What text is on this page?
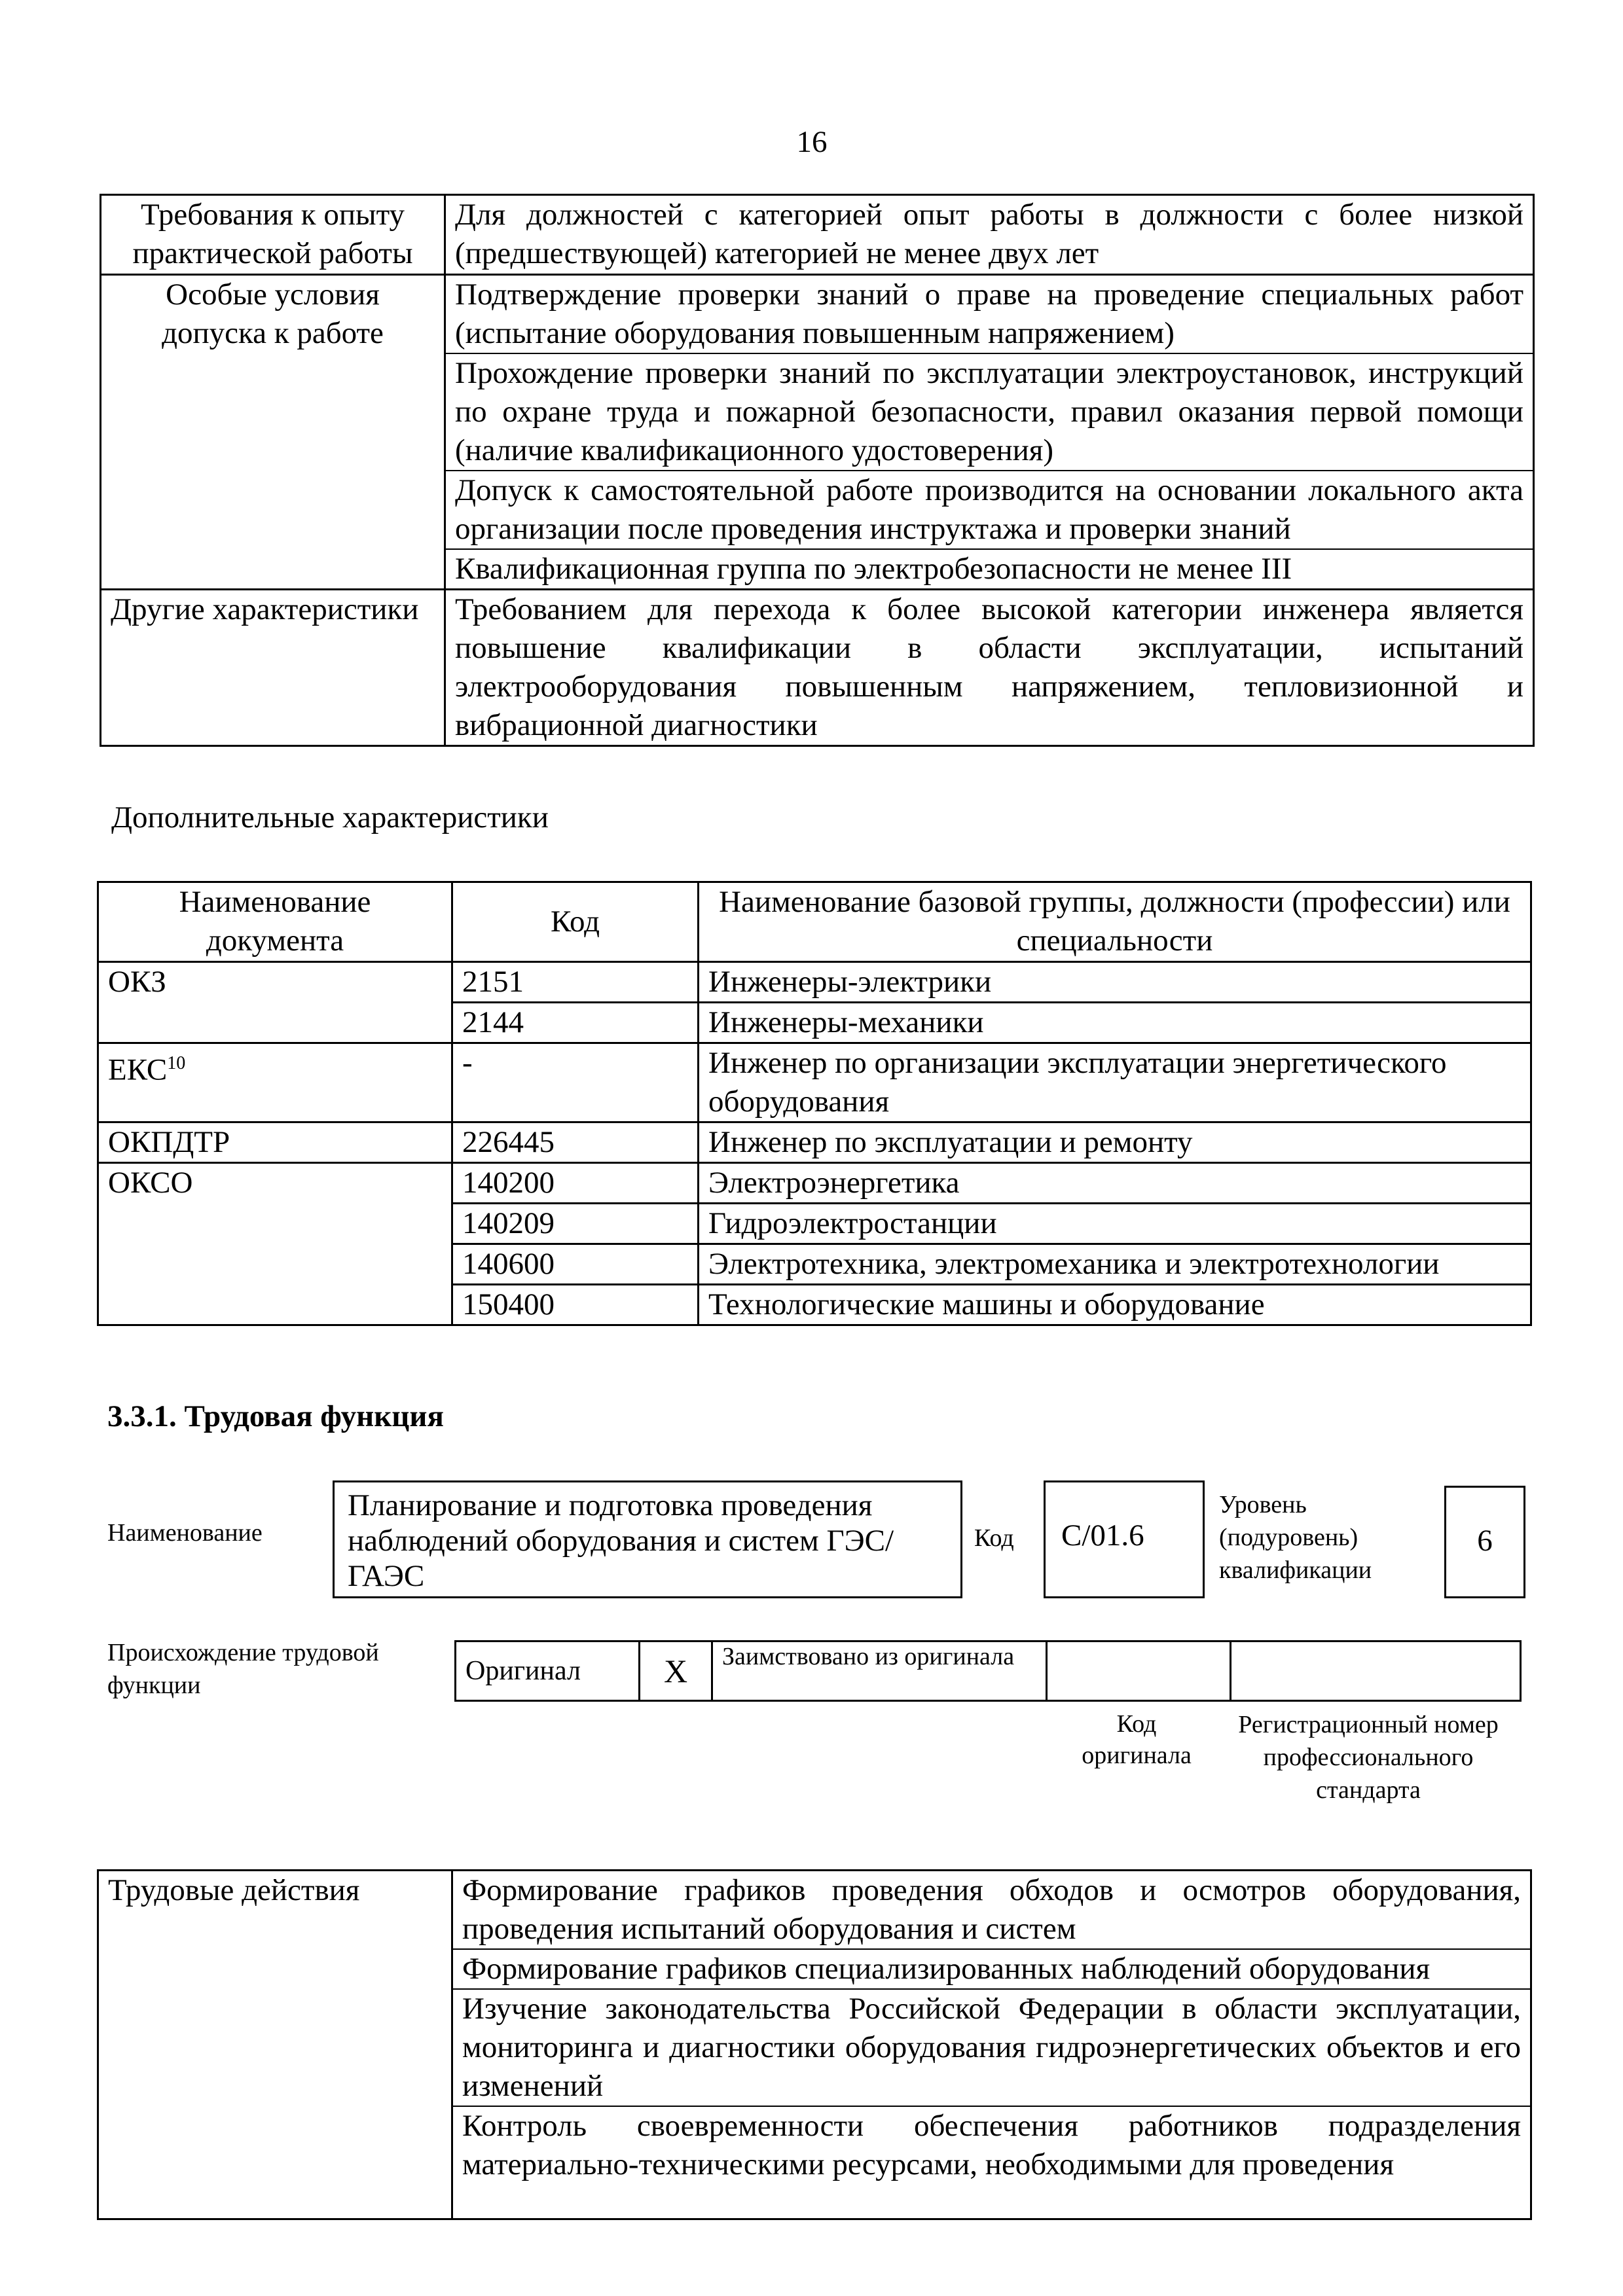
16
Требования к опыту практической работы	Для должностей с категорией опыт работы в должности с более низкой (предшествующей) категорией не менее двух лет
Особые условия допуска к работе	Подтверждение проверки знаний о праве на проведение специальных работ (испытание оборудования повышенным напряжением)

Прохождение проверки знаний по эксплуатации электроустановок, инструкций по охране труда и пожарной безопасности, правил оказания первой помощи (наличие квалификационного удостоверения)

Допуск к самостоятельной работе производится на основании локального акта организации после проведения инструктажа и проверки знаний

Квалификационная группа по электробезопасности не менее III

Другие характеристики	Требованием для перехода к более высокой категории инженера является повышение квалификации в области эксплуатации, испытаний электрооборудования повышенным напряжением, тепловизионной и вибрационной диагностики
Дополнительные характеристики
Наименование документа	Код	Наименование базовой группы, должности (профессии) или специальности
ОКЗ	2151	Инженеры-электрики
	2144	Инженеры-механики
ЕКС$^{10}$	-	Инженер по организации эксплуатации энергетического оборудования
ОКПДТР	226445	Инженер по эксплуатации и ремонту
ОКСО	140200	Электроэнергетика
	140209	Гидроэлектростанции
	140600	Электротехника, электромеханика и электротехнологии
	150400	Технологические машины и оборудование
3.3.1. Трудовая функция
Наименование
Планирование и подготовка проведения наблюдений оборудования и систем ГЭС/ГАЭС
Код	С/01.6
Уровень (подуровень) квалификации
6
Происхождение трудовой функции	Оригинал	X	Заимствовано из оригинала		
Код оригинала
Регистрационный номер профессионального стандарта
Трудовые действия	Формирование графиков проведения обходов и осмотров оборудования, проведения испытаний оборудования и систем

Формирование графиков специализированных наблюдений оборудования

Изучение законодательства Российской Федерации в области эксплуатации, мониторинга и диагностики оборудования гидроэнергетических объектов и его изменений

Контроль своевременности обеспечения работников подразделения материально-техническими ресурсами, необходимыми для проведения
